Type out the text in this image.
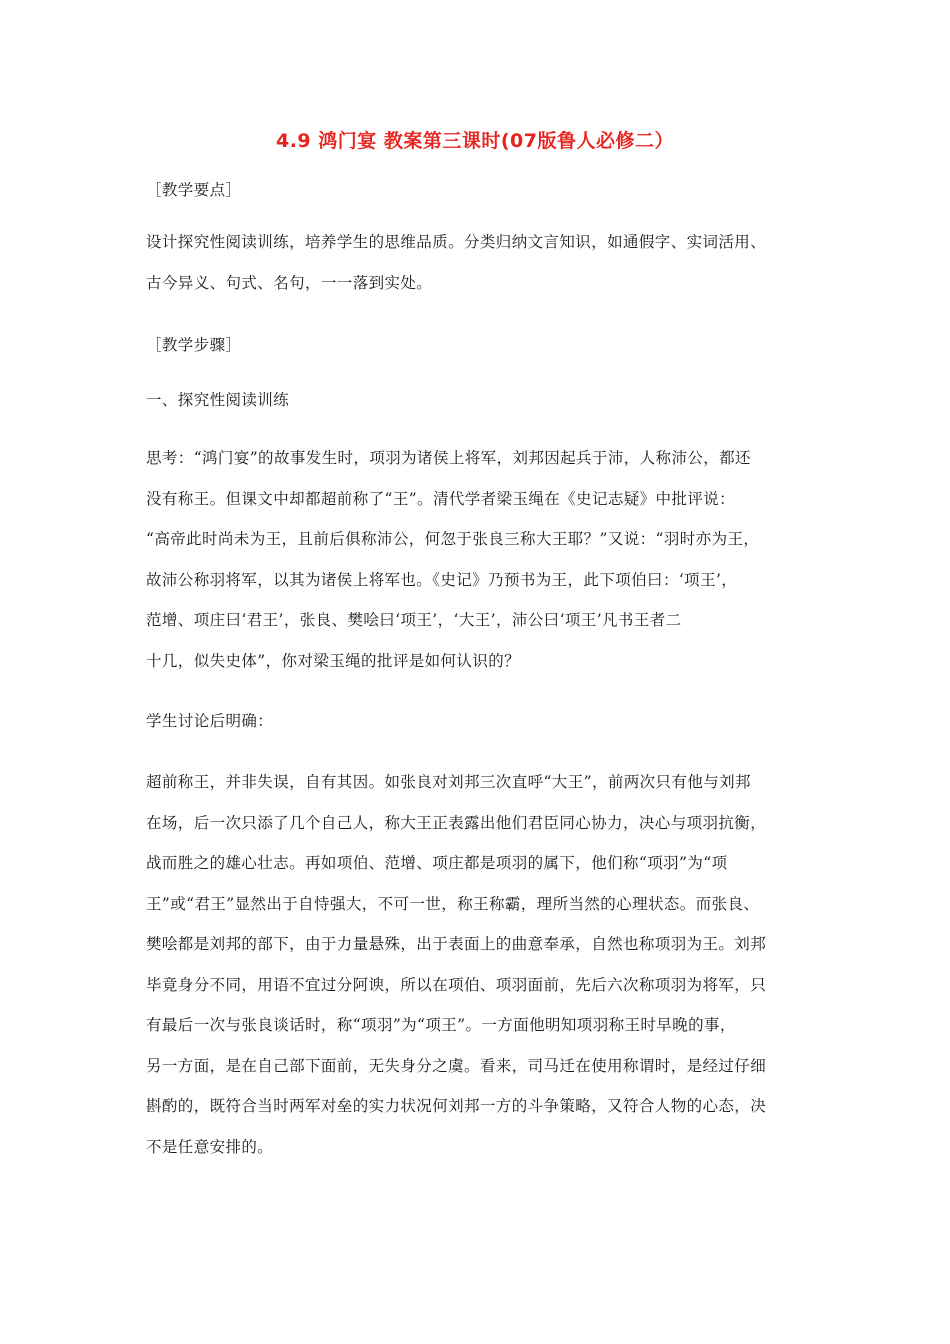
4.9 鸿门宴 教案第三课时(07版鲁人必修二）
［教学要点］
设计探究性阅读训练，培养学生的思维品质。分类归纳文言知识，如通假字、实词活用、
古今异义、句式、名句，一一落到实处。
［教学步骤］
一、探究性阅读训练
思考：“鸿门宴”的故事发生时，项羽为诸侯上将军，刘邦因起兵于沛，人称沛公，都还
没有称王。但课文中却都超前称了“王”。清代学者梁玉绳在《史记志疑》中批评说：
“高帝此时尚未为王，且前后俱称沛公，何忽于张良三称大王耶？”又说：“羽时亦为王，
故沛公称羽将军，以其为诸侯上将军也。《史记》乃预书为王，此下项伯曰：‘项王’，
范增、项庄曰‘君王’，张良、樊哙曰‘项王’，‘大王’，沛公曰‘项王’凡书王者二
十几，似失史体”，你对梁玉绳的批评是如何认识的？
学生讨论后明确：
超前称王，并非失误，自有其因。如张良对刘邦三次直呼“大王”，前两次只有他与刘邦
在场，后一次只添了几个自己人，称大王正表露出他们君臣同心协力，决心与项羽抗衡，
战而胜之的雄心壮志。再如项伯、范增、项庄都是项羽的属下，他们称“项羽”为“项
王”或“君王”显然出于自恃强大，不可一世，称王称霸，理所当然的心理状态。而张良、
樊哙都是刘邦的部下，由于力量悬殊，出于表面上的曲意奉承，自然也称项羽为王。刘邦
毕竟身分不同，用语不宜过分阿谀，所以在项伯、项羽面前，先后六次称项羽为将军，只
有最后一次与张良谈话时，称“项羽”为“项王”。一方面他明知项羽称王时早晚的事，
另一方面，是在自己部下面前，无失身分之虞。看来，司马迁在使用称谓时，是经过仔细
斟酌的，既符合当时两军对垒的实力状况何刘邦一方的斗争策略，又符合人物的心态，决
不是任意安排的。
